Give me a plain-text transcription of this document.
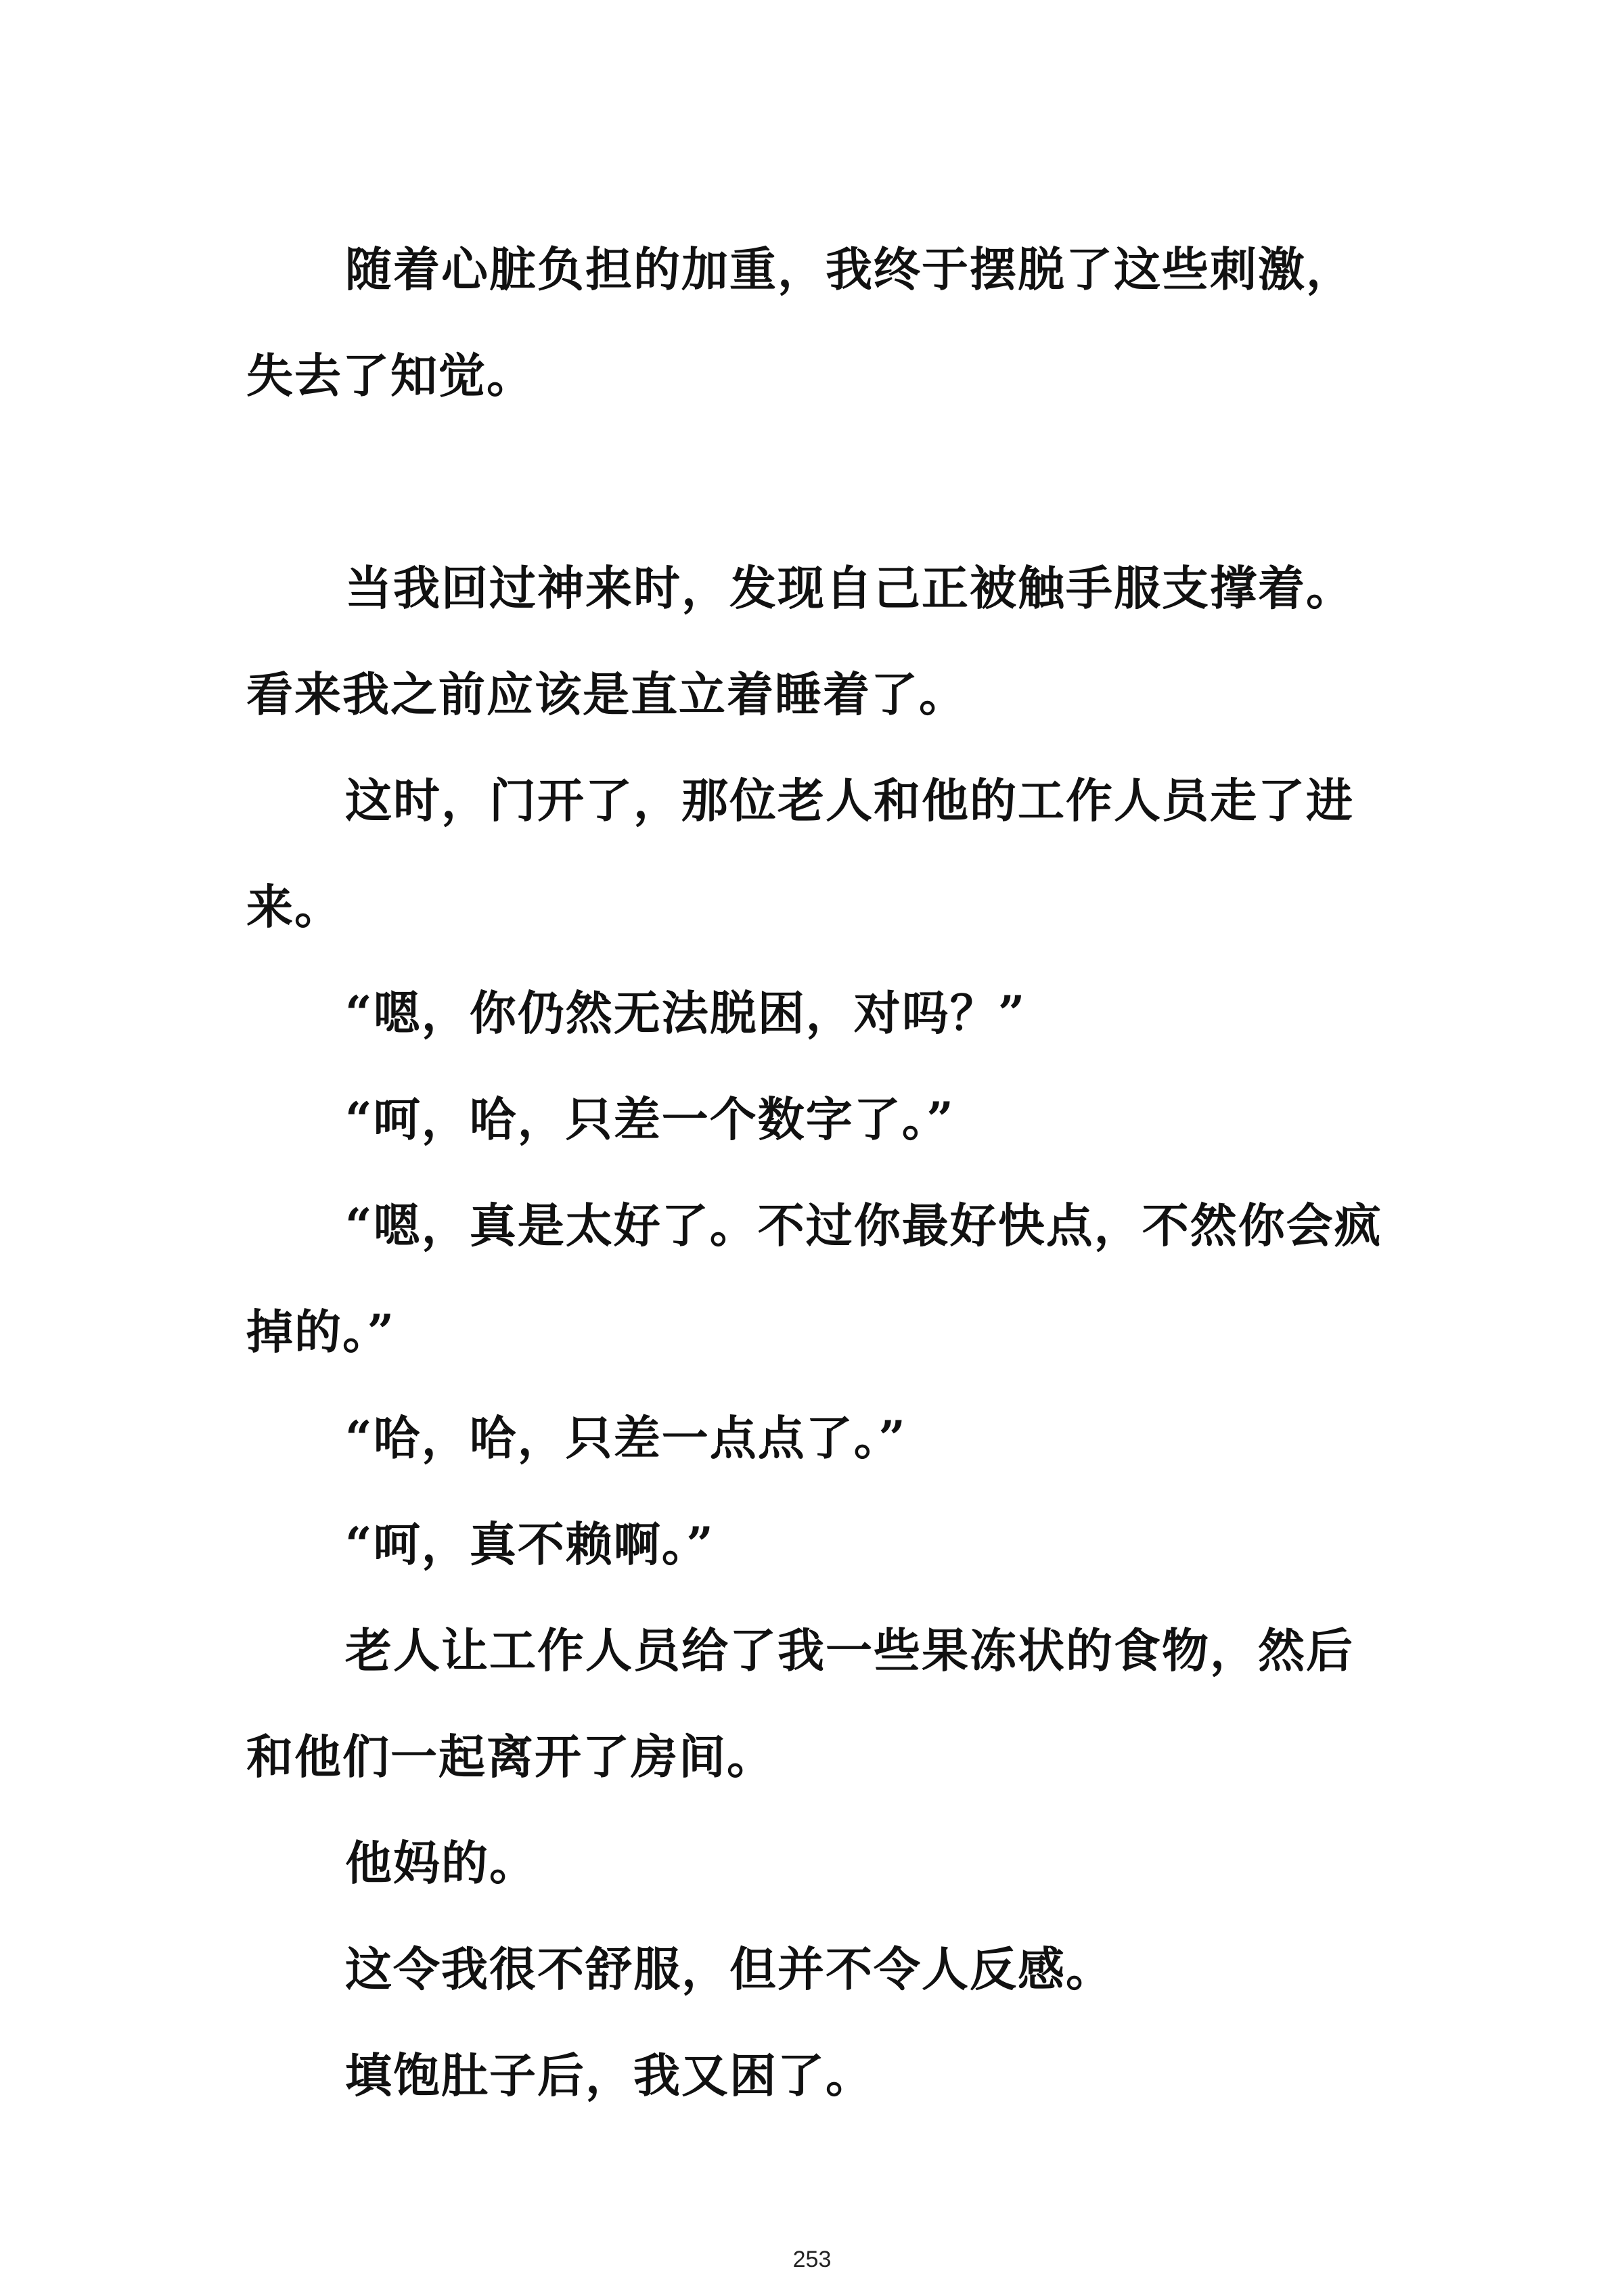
随着心脏负担的加重，我终于摆脱了这些刺激，失去了知觉。

当我回过神来时，发现自己正被触手服支撑着。看来我之前应该是直立着睡着了。

这时，门开了，那位老人和他的工作人员走了进来。

“嗯，你仍然无法脱困，对吗？”

“呵，哈，只差一个数字了。”

“嗯，真是太好了。不过你最好快点，不然你会疯掉的。”

“哈，哈，只差一点点了。”

“呵，真不赖啊。”

老人让工作人员给了我一些果冻状的食物，然后和他们一起离开了房间。

他妈的。

这令我很不舒服，但并不令人反感。

填饱肚子后，我又困了。

253
